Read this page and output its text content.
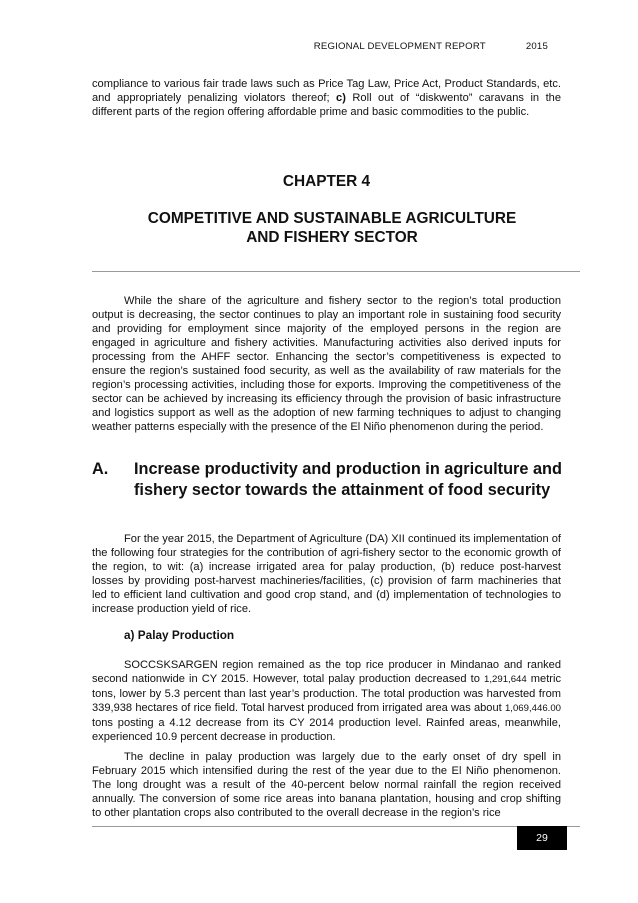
REGIONAL DEVELOPMENT REPORT	2015

compliance to various fair trade laws such as Price Tag Law, Price Act, Product Standards, etc. and appropriately penalizing violators thereof; c) Roll out of “diskwento” caravans in the different parts of the region offering affordable prime and basic commodities to the public.

CHAPTER 4
COMPETITIVE AND SUSTAINABLE AGRICULTURE
AND FISHERY SECTOR

While the share of the agriculture and fishery sector to the region’s total production output is decreasing, the sector continues to play an important role in sustaining food security and providing for employment since majority of the employed persons in the region are engaged in agriculture and fishery activities. Manufacturing activities also derived inputs for processing from the AHFF sector. Enhancing the sector’s competitiveness is expected to ensure the region’s sustained food security, as well as the availability of raw materials for the region’s processing activities, including those for exports. Improving the competitiveness of the sector can be achieved by increasing its efficiency through the provision of basic infrastructure and logistics support as well as the adoption of new farming techniques to adjust to changing weather patterns especially with the presence of the El Niño phenomenon during the period.

A. Increase productivity and production in agriculture and fishery sector towards the attainment of food security

For the year 2015, the Department of Agriculture (DA) XII continued its implementation of the following four strategies for the contribution of agri-fishery sector to the economic growth of the region, to wit: (a) increase irrigated area for palay production, (b) reduce post-harvest losses by providing post-harvest machineries/facilities, (c) provision of farm machineries that led to efficient land cultivation and good crop stand, and (d) implementation of technologies to increase production yield of rice.

a) Palay Production

SOCCSKSARGEN region remained as the top rice producer in Mindanao and ranked second nationwide in CY 2015. However, total palay production decreased to 1,291,644 metric tons, lower by 5.3 percent than last year’s production. The total production was harvested from 339,938 hectares of rice field. Total harvest produced from irrigated area was about 1,069,446.00 tons posting a 4.12 decrease from its CY 2014 production level. Rainfed areas, meanwhile, experienced 10.9 percent decrease in production.

The decline in palay production was largely due to the early onset of dry spell in February 2015 which intensified during the rest of the year due to the El Niño phenomenon. The long drought was a result of the 40-percent below normal rainfall the region received annually. The conversion of some rice areas into banana plantation, housing and crop shifting to other plantation crops also contributed to the overall decrease in the region’s rice

29
